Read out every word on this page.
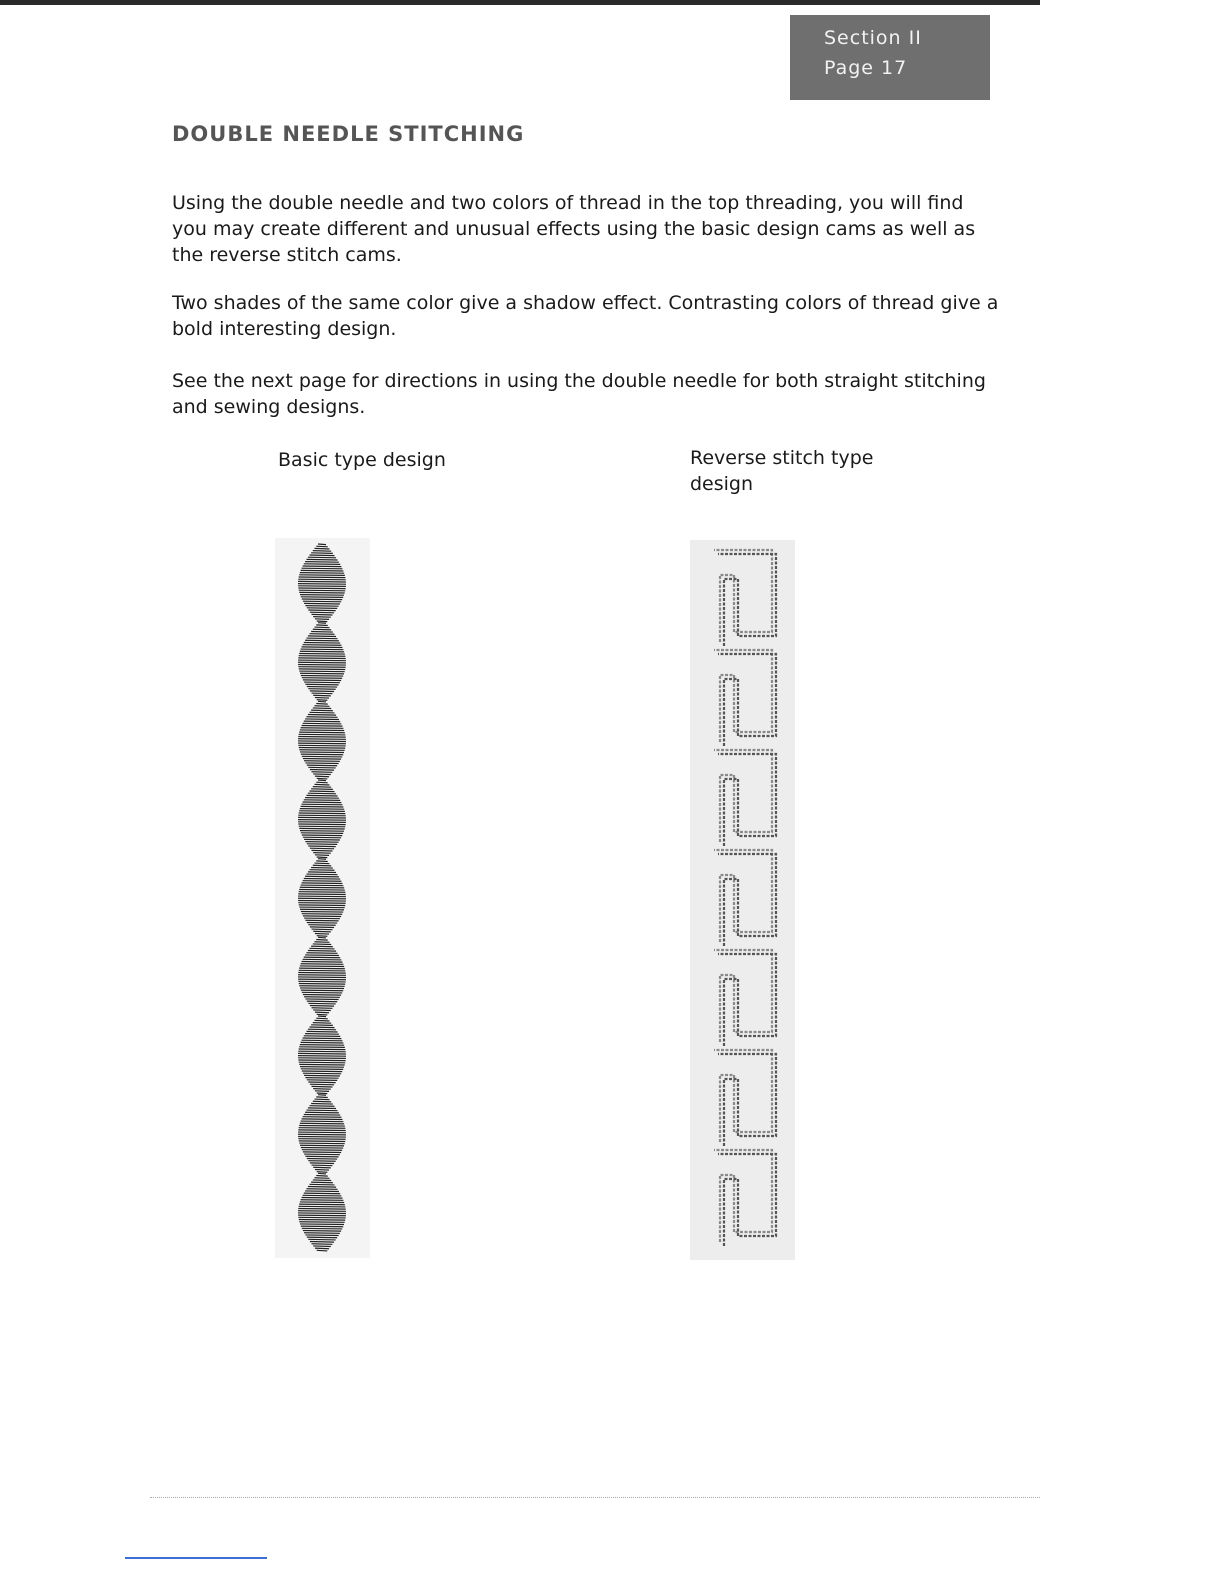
Section II
Page 17
DOUBLE NEEDLE STITCHING

Using the double needle and two colors of thread in the top threading, you will find you may create different and unusual effects using the basic design cams as well as the reverse stitch cams.

Two shades of the same color give a shadow effect. Contrasting colors of thread give a bold interesting design.

See the next page for directions in using the double needle for both straight stitching and sewing designs.

Basic type design	Reverse stitch type design
